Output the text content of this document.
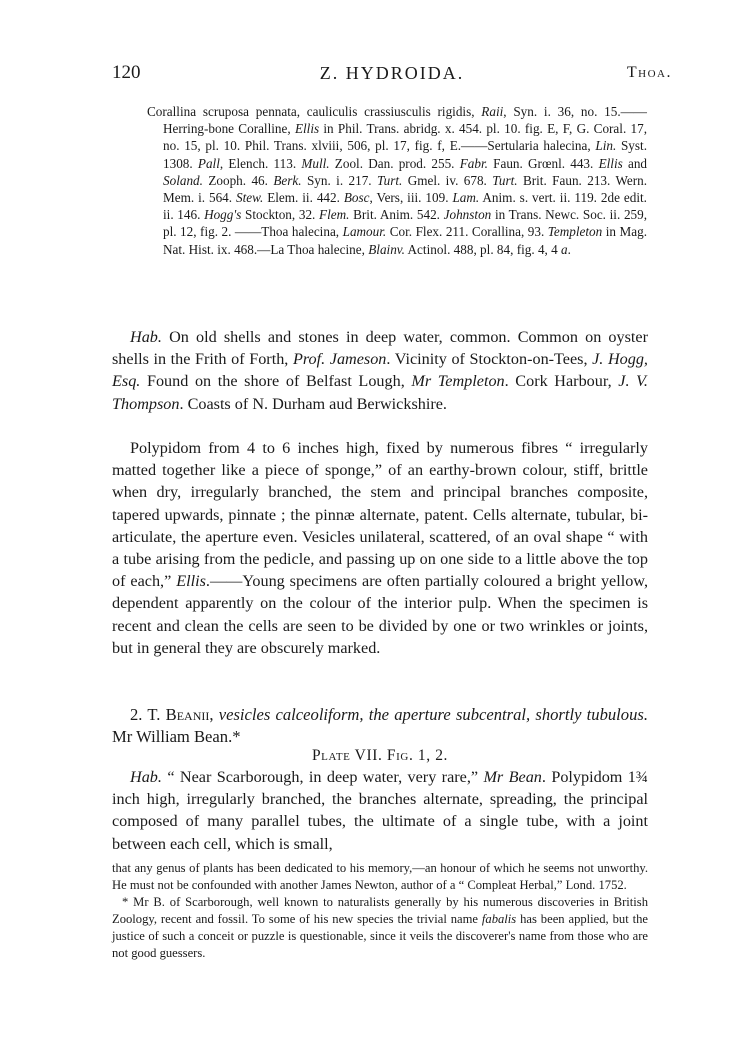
120	Z. HYDROIDA.	Thoa.

Corallina scruposa pennata, cauliculis crassiusculis rigidis, Raii, Syn. i. 36, no. 15.——Herring-bone Coralline, Ellis in Phil. Trans. abridg. x. 454. pl. 10. fig. E, F, G. Coral. 17, no. 15, pl. 10. Phil. Trans. xlviii, 506, pl. 17, fig. f, E.——Sertularia halecina, Lin. Syst. 1308. Pall, Elench. 113. Mull. Zool. Dan. prod. 255. Fabr. Faun. Grœnl. 443. Ellis and Soland. Zooph. 46. Berk. Syn. i. 217. Turt. Gmel. iv. 678. Turt. Brit. Faun. 213. Wern. Mem. i. 564. Stew. Elem. ii. 442. Bosc, Vers, iii. 109. Lam. Anim. s. vert. ii. 119. 2de edit. ii. 146. Hogg's Stockton, 32. Flem. Brit. Anim. 542. Johnston in Trans. Newc. Soc. ii. 259, pl. 12, fig. 2. ——Thoa halecina, Lamour. Cor. Flex. 211. Corallina, 93. Templeton in Mag. Nat. Hist. ix. 468.—La Thoa halecine, Blainv. Actinol. 488, pl. 84, fig. 4, 4 a.

Hab. On old shells and stones in deep water, common. Common on oyster shells in the Frith of Forth, Prof. Jameson. Vicinity of Stockton-on-Tees, J. Hogg, Esq. Found on the shore of Belfast Lough, Mr Templeton. Cork Harbour, J. V. Thompson. Coasts of N. Durham aud Berwickshire.

Polypidom from 4 to 6 inches high, fixed by numerous fibres “ irregularly matted together like a piece of sponge,” of an earthy-brown colour, stiff, brittle when dry, irregularly branched, the stem and principal branches composite, tapered upwards, pinnate ; the pinnæ alternate, patent. Cells alternate, tubular, bi-articulate, the aperture even. Vesicles unilateral, scattered, of an oval shape “ with a tube arising from the pedicle, and passing up on one side to a little above the top of each,” Ellis.——Young specimens are often partially coloured a bright yellow, dependent apparently on the colour of the interior pulp. When the specimen is recent and clean the cells are seen to be divided by one or two wrinkles or joints, but in general they are obscurely marked.

2. T. Beanii, vesicles calceoliform, the aperture subcentral, shortly tubulous. Mr William Bean.*

Plate VII. Fig. 1, 2.

Hab. “ Near Scarborough, in deep water, very rare,” Mr Bean. Polypidom 1¾ inch high, irregularly branched, the branches alternate, spreading, the principal composed of many parallel tubes, the ultimate of a single tube, with a joint between each cell, which is small,

that any genus of plants has been dedicated to his memory,—an honour of which he seems not unworthy. He must not be confounded with another James Newton, author of a “ Compleat Herbal,” Lond. 1752.

* Mr B. of Scarborough, well known to naturalists generally by his numerous discoveries in British Zoology, recent and fossil. To some of his new species the trivial name fabalis has been applied, but the justice of such a conceit or puzzle is questionable, since it veils the discoverer's name from those who are not good guessers.
